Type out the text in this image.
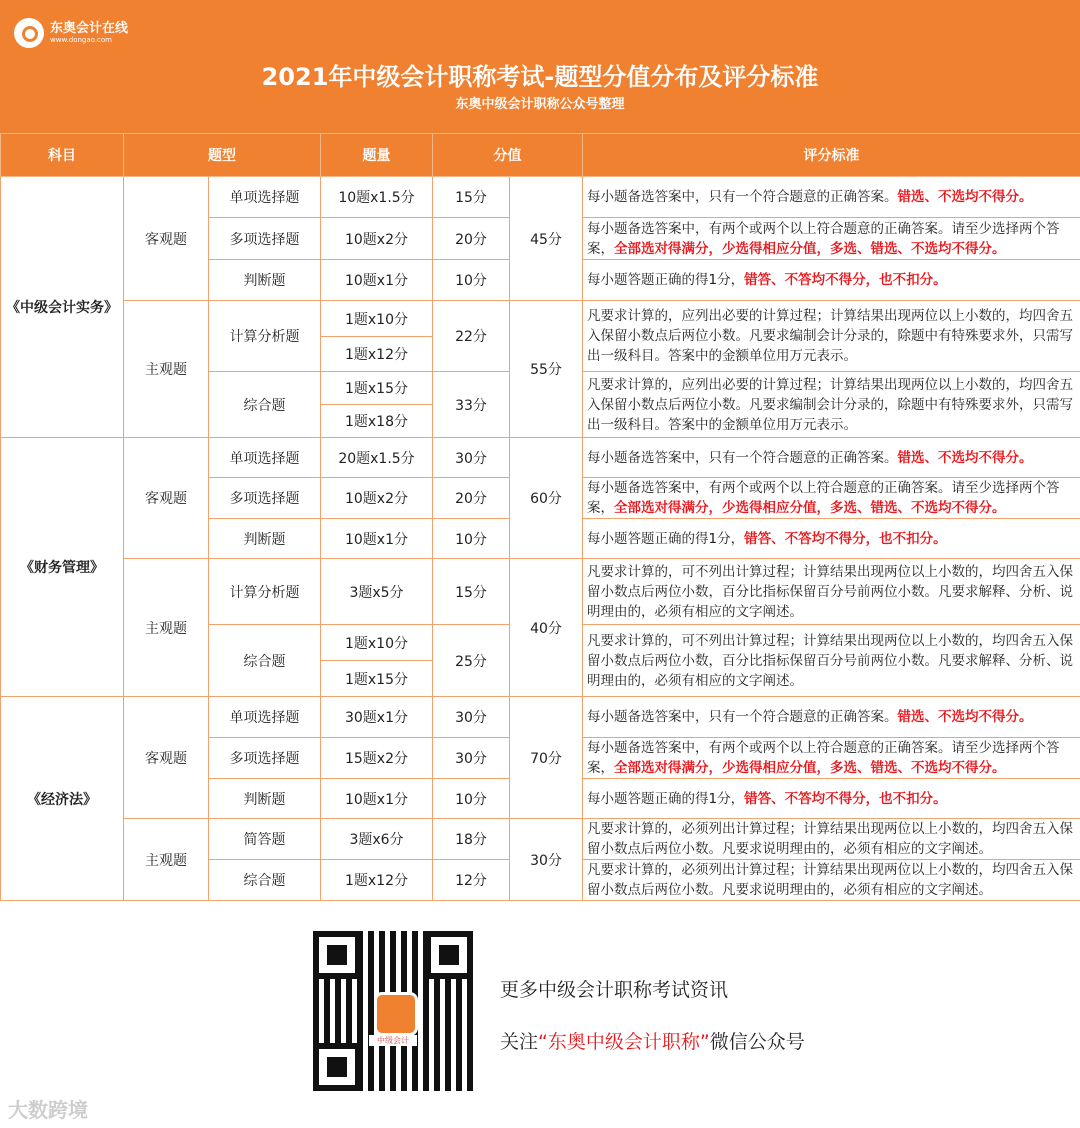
东奥会计在线
www.dongao.com
2021年中级会计职称考试-题型分值分布及评分标准
东奥中级会计职称公众号整理
科目	题型		题量	分值		评分标准
《中级会计实务》	客观题	单项选择题	10题x1.5分	15分	45分	每小题备选答案中，只有一个符合题意的正确答案。错选、不选均不得分。
		多项选择题	10题x2分	20分		每小题备选答案中，有两个或两个以上符合题意的正确答案。请至少选择两个答案，全部选对得满分，少选得相应分值，多选、错选、不选均不得分。
		判断题	10题x1分	10分		每小题答题正确的得1分，错答、不答均不得分，也不扣分。
	主观题	计算分析题	1题x10分	22分	55分	凡要求计算的，应列出必要的计算过程；计算结果出现两位以上小数的，均四舍五入保留小数点后两位小数。凡要求编制会计分录的，除题中有特殊要求外，只需写出一级科目。答案中的金额单位用万元表示。
			1题x12分			
		综合题	1题x15分	33分		凡要求计算的，应列出必要的计算过程；计算结果出现两位以上小数的，均四舍五入保留小数点后两位小数。凡要求编制会计分录的，除题中有特殊要求外，只需写出一级科目。答案中的金额单位用万元表示。
			1题x18分			
《财务管理》	客观题	单项选择题	20题x1.5分	30分	60分	每小题备选答案中，只有一个符合题意的正确答案。错选、不选均不得分。
		多项选择题	10题x2分	20分		每小题备选答案中，有两个或两个以上符合题意的正确答案。请至少选择两个答案，全部选对得满分，少选得相应分值，多选、错选、不选均不得分。
		判断题	10题x1分	10分		每小题答题正确的得1分，错答、不答均不得分，也不扣分。
	主观题	计算分析题	3题x5分	15分	40分	凡要求计算的，可不列出计算过程；计算结果出现两位以上小数的，均四舍五入保留小数点后两位小数，百分比指标保留百分号前两位小数。凡要求解释、分析、说明理由的，必须有相应的文字阐述。
		综合题	1题x10分	25分		凡要求计算的，可不列出计算过程；计算结果出现两位以上小数的，均四舍五入保留小数点后两位小数，百分比指标保留百分号前两位小数。凡要求解释、分析、说明理由的，必须有相应的文字阐述。
			1题x15分			
《经济法》	客观题	单项选择题	30题x1分	30分	70分	每小题备选答案中，只有一个符合题意的正确答案。错选、不选均不得分。
		多项选择题	15题x2分	30分		每小题备选答案中，有两个或两个以上符合题意的正确答案。请至少选择两个答案，全部选对得满分，少选得相应分值，多选、错选、不选均不得分。
		判断题	10题x1分	10分		每小题答题正确的得1分，错答、不答均不得分，也不扣分。
	主观题	简答题	3题x6分	18分	30分	凡要求计算的，必须列出计算过程；计算结果出现两位以上小数的，均四舍五入保留小数点后两位小数。凡要求说明理由的，必须有相应的文字阐述。
		综合题	1题x12分	12分		凡要求计算的，必须列出计算过程；计算结果出现两位以上小数的，均四舍五入保留小数点后两位小数。凡要求说明理由的，必须有相应的文字阐述。
中级会计
更多中级会计职称考试资讯
关注“东奥中级会计职称”微信公众号
大数跨境
